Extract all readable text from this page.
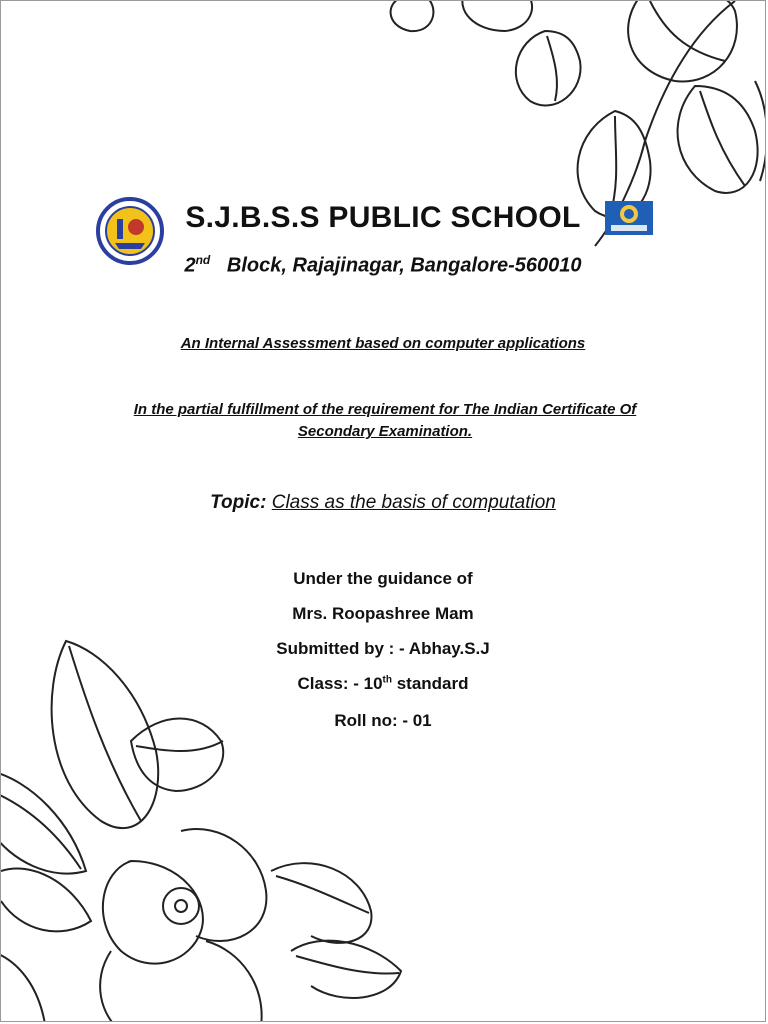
S.J.B.S.S PUBLIC SCHOOL
2nd Block, Rajajinagar, Bangalore-560010
An Internal Assessment based on computer applications
In the partial fulfillment of the requirement for The Indian Certificate Of Secondary Examination.
Topic: Class as the basis of computation
Under the guidance of
Mrs. Roopashree Mam
Submitted by : - Abhay.S.J
Class: - 10th standard
Roll no: - 01
